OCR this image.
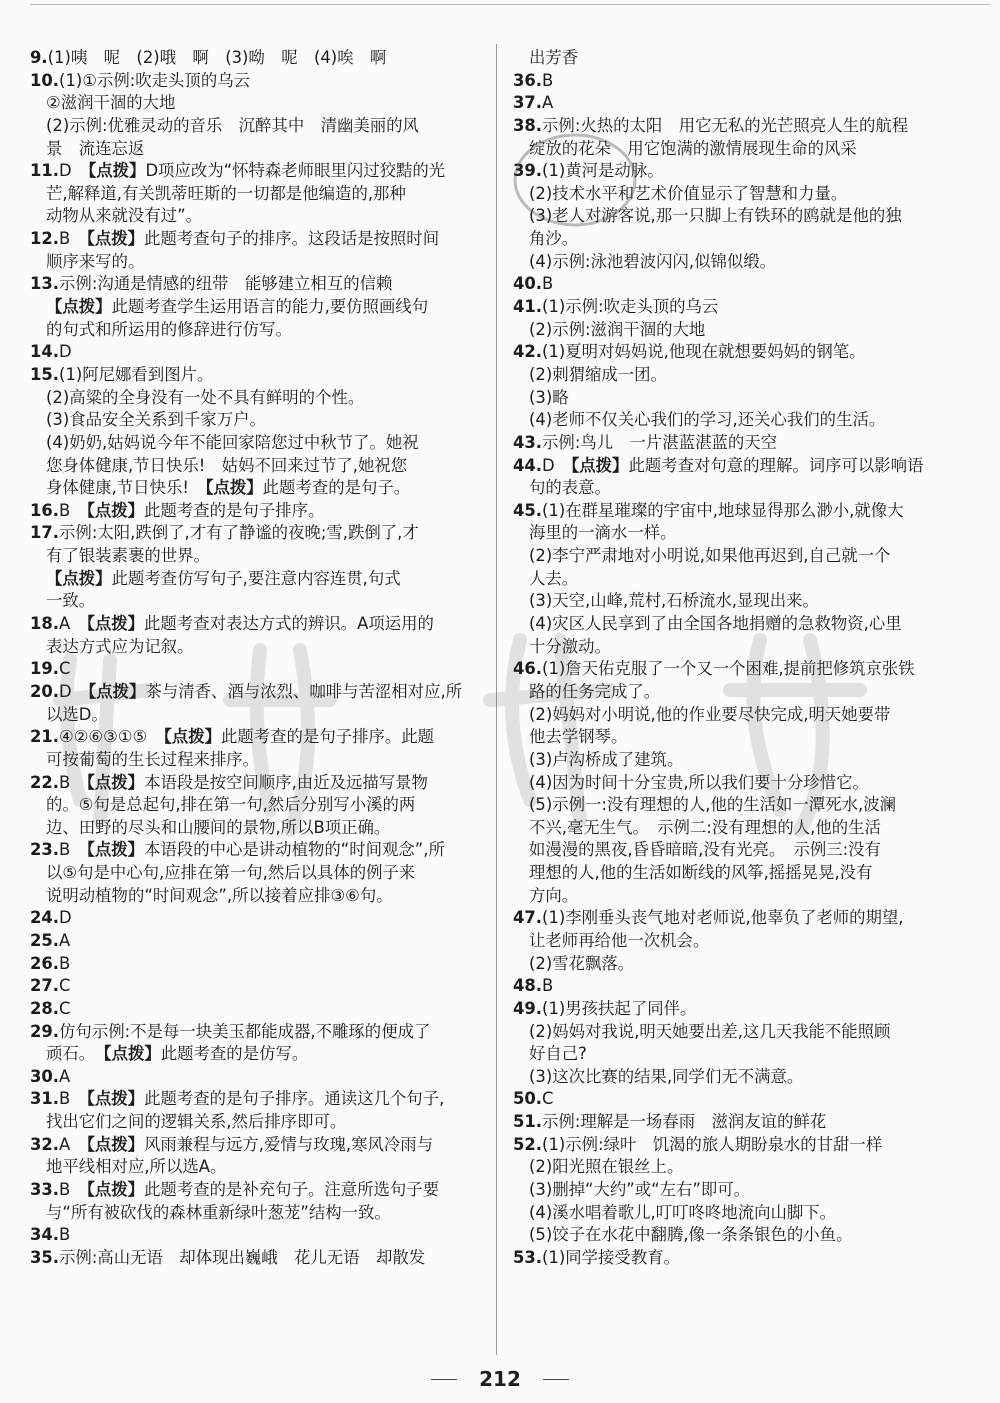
9.(1)咦　呢　(2)哦　啊　(3)呦　呢　(4)唉　啊
10.(1)①示例:吹走头顶的乌云
②滋润干涸的大地
(2)示例:优雅灵动的音乐　沉醉其中　清幽美丽的风
景　流连忘返
11.D　【点拨】D项应改为“怀特森老师眼里闪过狡黠的光
芒,解释道,有关凯蒂旺斯的一切都是他编造的,那种
动物从来就没有过”。
12.B　【点拨】此题考查句子的排序。这段话是按照时间
顺序来写的。
13.示例:沟通是情感的纽带　能够建立相互的信赖
【点拨】此题考查学生运用语言的能力,要仿照画线句
的句式和所运用的修辞进行仿写。
14.D
15.(1)阿尼娜看到图片。
(2)高粱的全身没有一处不具有鲜明的个性。
(3)食品安全关系到千家万户。
(4)奶奶,姑妈说今年不能回家陪您过中秋节了。她祝
您身体健康,节日快乐!　姑妈不回来过节了,她祝您
身体健康,节日快乐!　【点拨】此题考查的是句子。
16.B　【点拨】此题考查的是句子排序。
17.示例:太阳,跌倒了,才有了静谧的夜晚;雪,跌倒了,才
有了银装素裹的世界。
【点拨】此题考查仿写句子,要注意内容连贯,句式
一致。
18.A　【点拨】此题考查对表达方式的辨识。A项运用的
表达方式应为记叙。
19.C
20.D　【点拨】茶与清香、酒与浓烈、咖啡与苦涩相对应,所
以选D。
21.④②⑥③①⑤　【点拨】此题考查的是句子排序。此题
可按葡萄的生长过程来排序。
22.B　【点拨】本语段是按空间顺序,由近及远描写景物
的。⑤句是总起句,排在第一句,然后分别写小溪的两
边、田野的尽头和山腰间的景物,所以B项正确。
23.B　【点拨】本语段的中心是讲动植物的“时间观念”,所
以⑤句是中心句,应排在第一句,然后以具体的例子来
说明动植物的“时间观念”,所以接着应排③⑥句。
24.D
25.A
26.B
27.C
28.C
29.仿句示例:不是每一块美玉都能成器,不雕琢的便成了
顽石。　【点拨】此题考查的是仿写。
30.A
31.B　【点拨】此题考查的是句子排序。通读这几个句子,
找出它们之间的逻辑关系,然后排序即可。
32.A　【点拨】风雨兼程与远方,爱情与玫瑰,寒风冷雨与
地平线相对应,所以选A。
33.B　【点拨】此题考查的是补充句子。注意所选句子要
与“所有被砍伐的森林重新绿叶葱茏”结构一致。
34.B
35.示例:高山无语　却体现出巍峨　花儿无语　却散发
出芳香
36.B
37.A
38.示例:火热的太阳　用它无私的光芒照亮人生的航程
绽放的花朵　用它饱满的激情展现生命的风采
39.(1)黄河是动脉。
(2)技术水平和艺术价值显示了智慧和力量。
(3)老人对游客说,那一只脚上有铁环的鸥就是他的独
角沙。
(4)示例:泳池碧波闪闪,似锦似缎。
40.B
41.(1)示例:吹走头顶的乌云
(2)示例:滋润干涸的大地
42.(1)夏明对妈妈说,他现在就想要妈妈的钢笔。
(2)刺猬缩成一团。
(3)略
(4)老师不仅关心我们的学习,还关心我们的生活。
43.示例:鸟儿　一片湛蓝湛蓝的天空
44.D　【点拨】此题考查对句意的理解。词序可以影响语
句的表意。
45.(1)在群星璀璨的宇宙中,地球显得那么渺小,就像大
海里的一滴水一样。
(2)李宁严肃地对小明说,如果他再迟到,自己就一个
人去。
(3)天空,山峰,荒村,石桥流水,显现出来。
(4)灾区人民享到了由全国各地捐赠的急救物资,心里
十分激动。
46.(1)詹天佑克服了一个又一个困难,提前把修筑京张铁
路的任务完成了。
(2)妈妈对小明说,他的作业要尽快完成,明天她要带
他去学钢琴。
(3)卢沟桥成了建筑。
(4)因为时间十分宝贵,所以我们要十分珍惜它。
(5)示例一:没有理想的人,他的生活如一潭死水,波澜
不兴,毫无生气。　示例二:没有理想的人,他的生活
如漫漫的黑夜,昏昏暗暗,没有光亮。　示例三:没有
理想的人,他的生活如断线的风筝,摇摇晃晃,没有
方向。
47.(1)李刚垂头丧气地对老师说,他辜负了老师的期望,
让老师再给他一次机会。
(2)雪花飘落。
48.B
49.(1)男孩扶起了同伴。
(2)妈妈对我说,明天她要出差,这几天我能不能照顾
好自己?
(3)这次比赛的结果,同学们无不满意。
50.C
51.示例:理解是一场春雨　滋润友谊的鲜花
52.(1)示例:绿叶　饥渴的旅人期盼泉水的甘甜一样
(2)阳光照在银丝上。
(3)删掉“大约”或“左右”即可。
(4)溪水唱着歌儿,叮叮咚咚地流向山脚下。
(5)饺子在水花中翻腾,像一条条银色的小鱼。
53.(1)同学接受教育。
212
